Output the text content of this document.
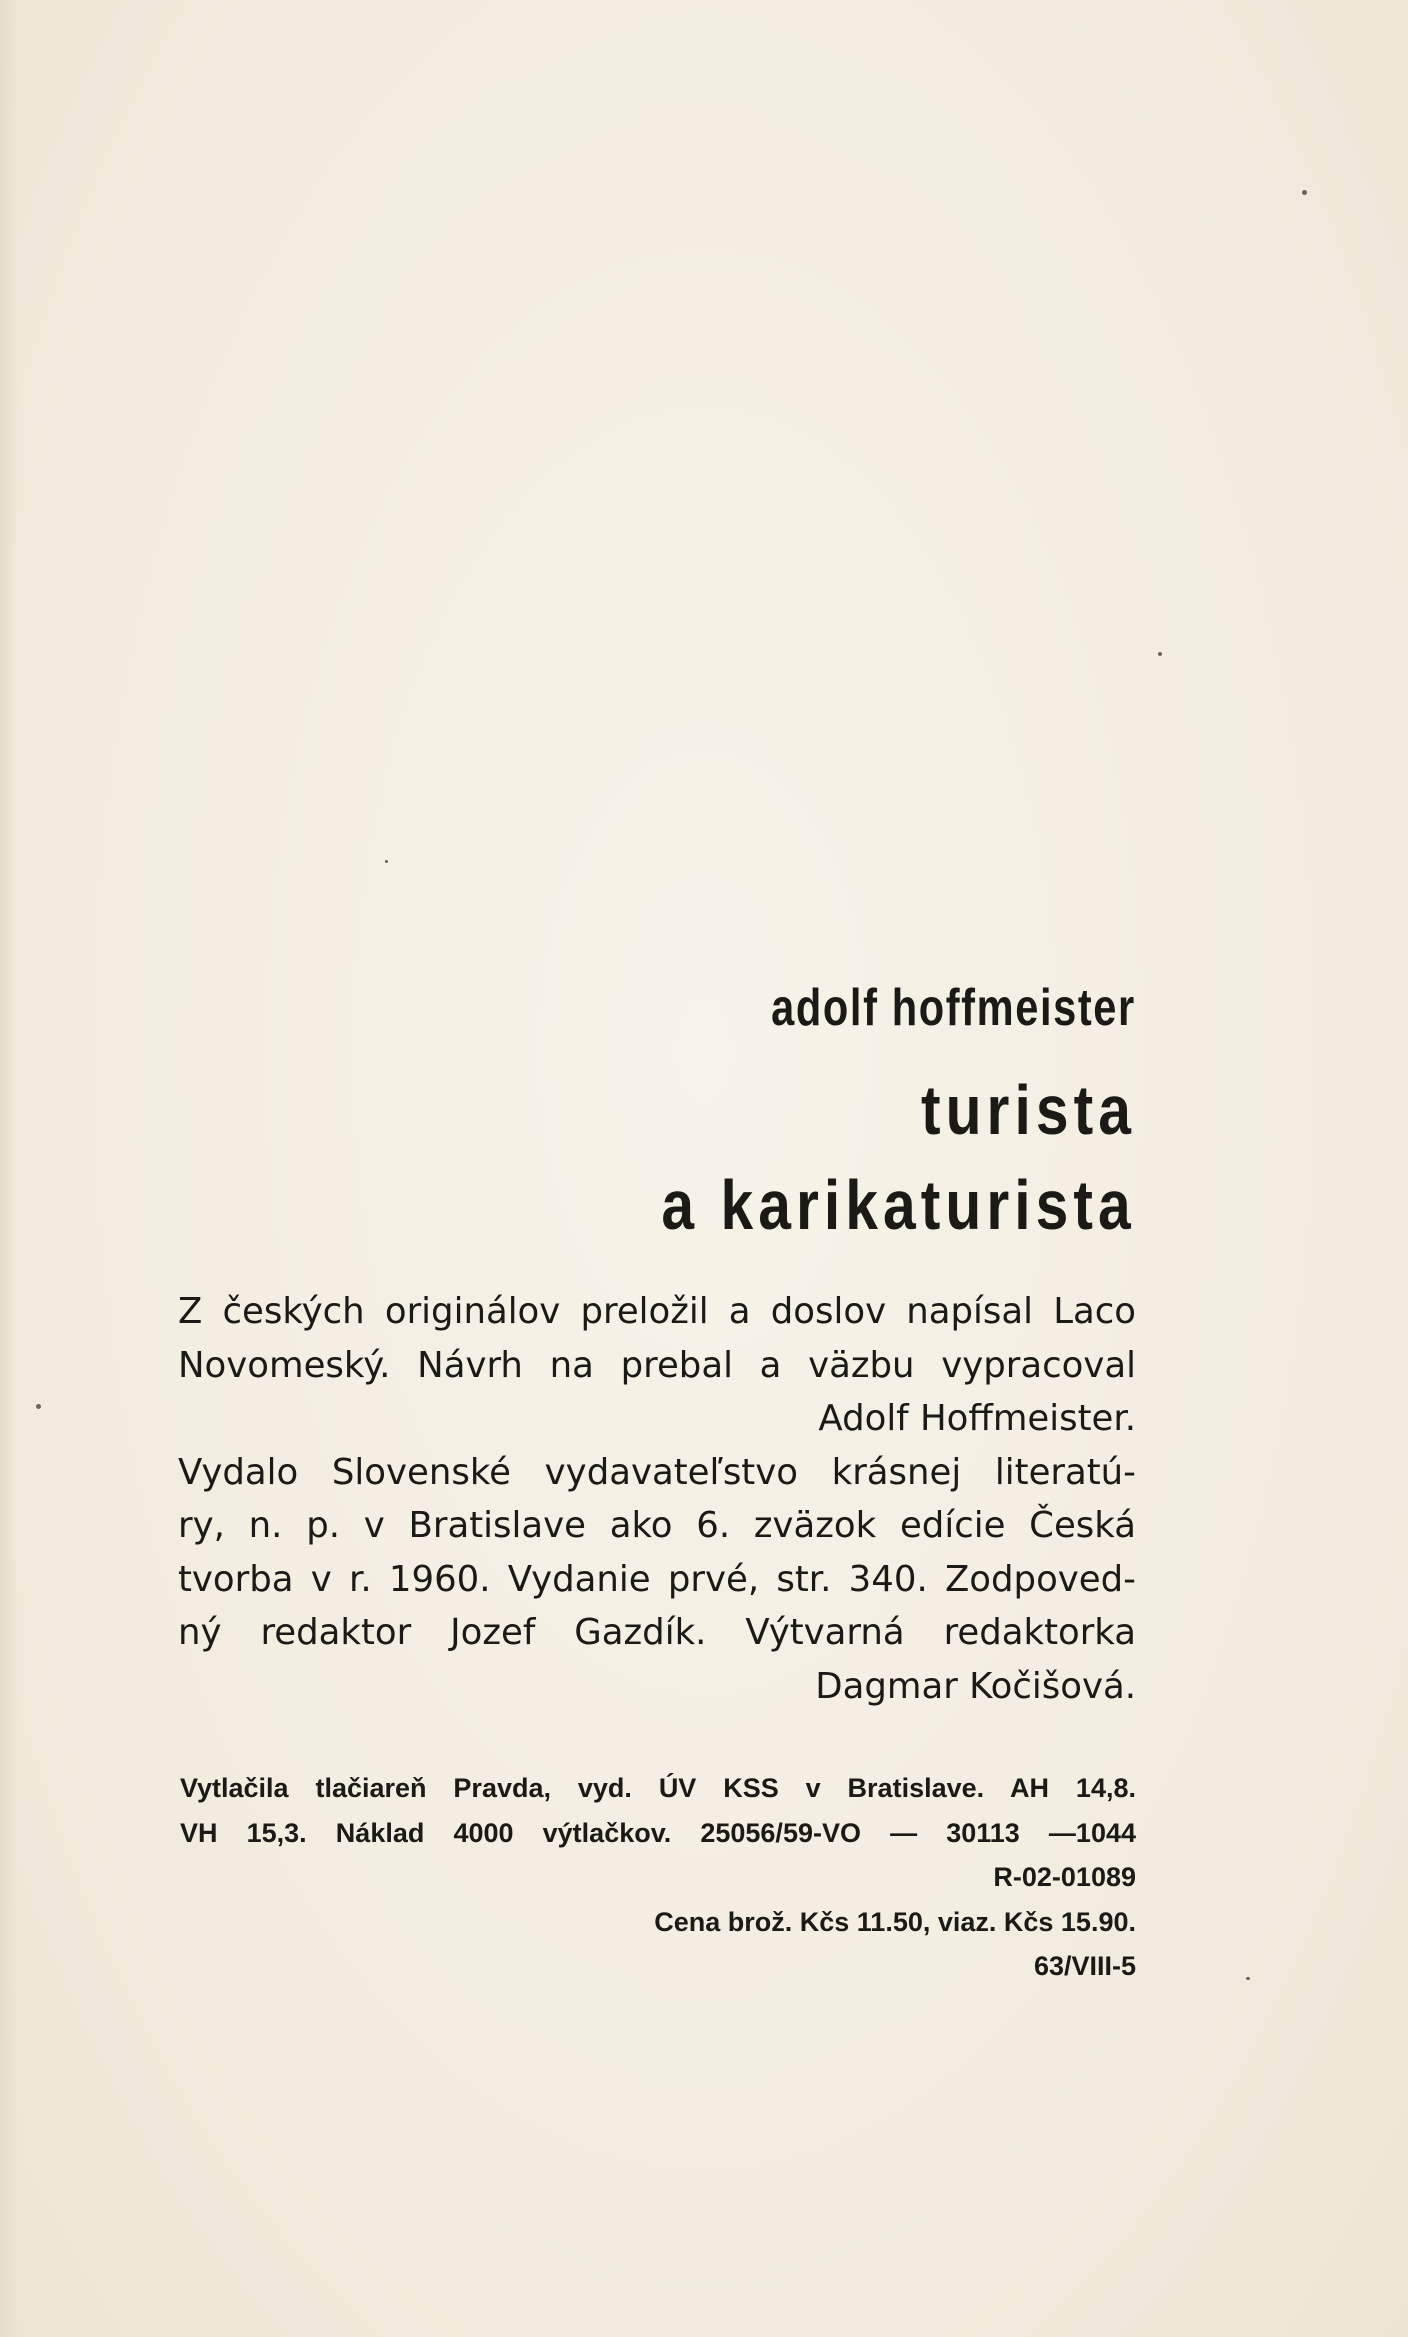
adolf hoffmeister
turista
a karikaturista
Z českých originálov preložil a doslov napísal Laco
Novomeský. Návrh na prebal a väzbu vypracoval
Adolf Hoffmeister.
Vydalo Slovenské vydavateľstvo krásnej literatú-
ry, n. p. v Bratislave ako 6. zväzok edície Česká
tvorba v r. 1960. Vydanie prvé, str. 340. Zodpoved-
ný redaktor Jozef Gazdík. Výtvarná redaktorka
Dagmar Kočišová.
Vytlačila tlačiareň Pravda, vyd. ÚV KSS v Bratislave. AH 14,8.
VH 15,3. Náklad 4000 výtlačkov. 25056/59-VO — 30113 —1044
R-02-01089
Cena brož. Kčs 11.50, viaz. Kčs 15.90.
63/VIII-5
